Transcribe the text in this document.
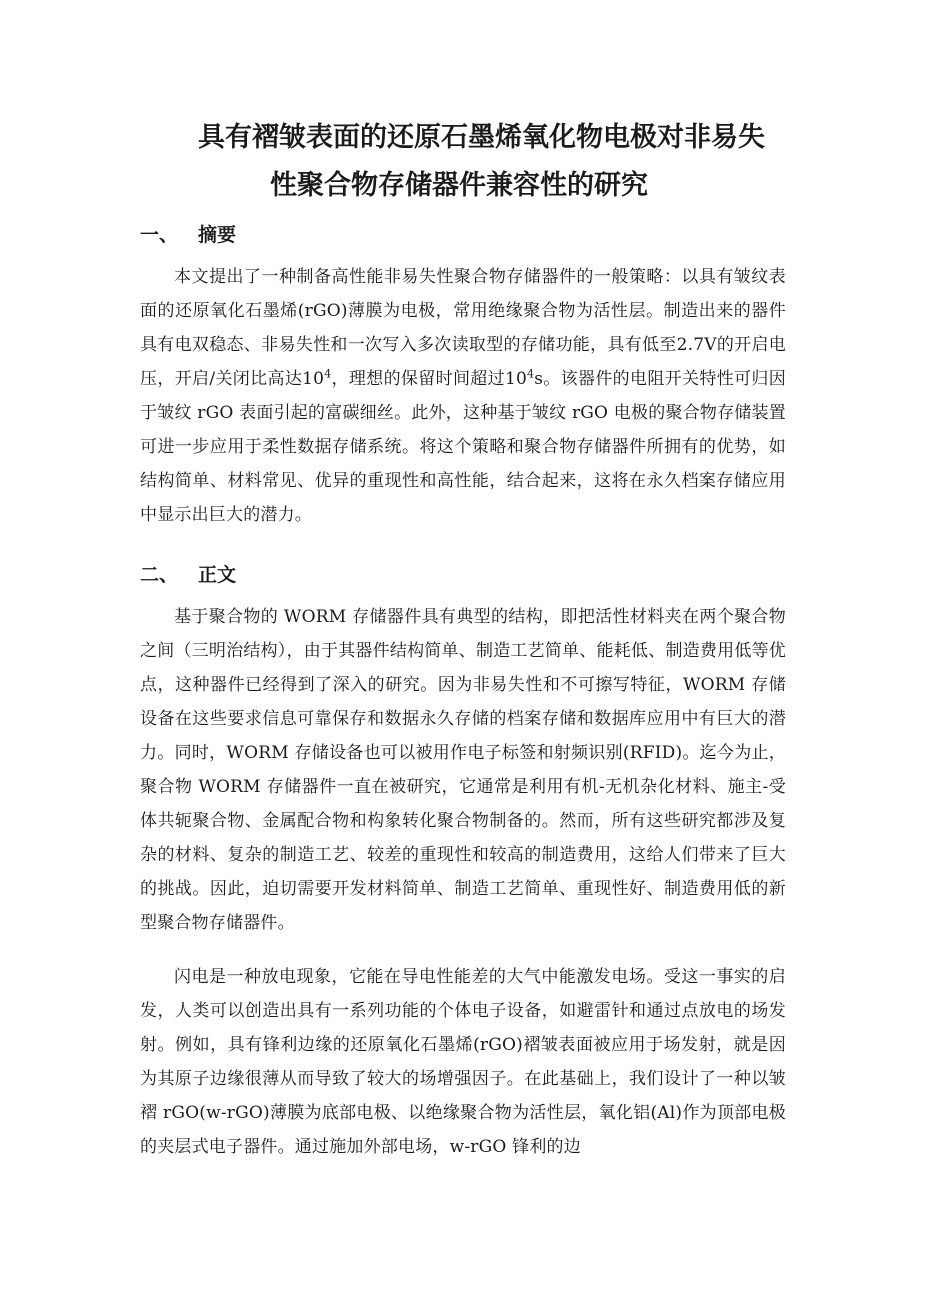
具有褶皱表面的还原石墨烯氧化物电极对非易失
性聚合物存储器件兼容性的研究
一、 摘要

本文提出了一种制备高性能非易失性聚合物存储器件的一般策略：以具有皱纹表面的还原氧化石墨烯(rGO)薄膜为电极，常用绝缘聚合物为活性层。制造出来的器件具有电双稳态、非易失性和一次写入多次读取型的存储功能，具有低至2.7V的开启电压，开启/关闭比高达$10^4$，理想的保留时间超过$10^4s$。该器件的电阻开关特性可归因于皱纹 rGO 表面引起的富碳细丝。此外，这种基于皱纹 rGO 电极的聚合物存储装置可进一步应用于柔性数据存储系统。将这个策略和聚合物存储器件所拥有的优势，如结构简单、材料常见、优异的重现性和高性能，结合起来，这将在永久档案存储应用中显示出巨大的潜力。

二、 正文

基于聚合物的 WORM 存储器件具有典型的结构，即把活性材料夹在两个聚合物之间（三明治结构），由于其器件结构简单、制造工艺简单、能耗低、制造费用低等优点，这种器件已经得到了深入的研究。因为非易失性和不可擦写特征，WORM 存储设备在这些要求信息可靠保存和数据永久存储的档案存储和数据库应用中有巨大的潜力。同时，WORM 存储设备也可以被用作电子标签和射频识别(RFID)。迄今为止，聚合物 WORM 存储器件一直在被研究，它通常是利用有机-无机杂化材料、施主-受体共轭聚合物、金属配合物和构象转化聚合物制备的。然而，所有这些研究都涉及复杂的材料、复杂的制造工艺、较差的重现性和较高的制造费用，这给人们带来了巨大的挑战。因此，迫切需要开发材料简单、制造工艺简单、重现性好、制造费用低的新型聚合物存储器件。

闪电是一种放电现象，它能在导电性能差的大气中能激发电场。受这一事实的启发，人类可以创造出具有一系列功能的个体电子设备，如避雷针和通过点放电的场发射。例如，具有锋利边缘的还原氧化石墨烯(rGO)褶皱表面被应用于场发射，就是因为其原子边缘很薄从而导致了较大的场增强因子。在此基础上，我们设计了一种以皱褶 rGO(w-rGO)薄膜为底部电极、以绝缘聚合物为活性层，氧化铝(Al)作为顶部电极的夹层式电子器件。通过施加外部电场，w-rGO 锋利的边
